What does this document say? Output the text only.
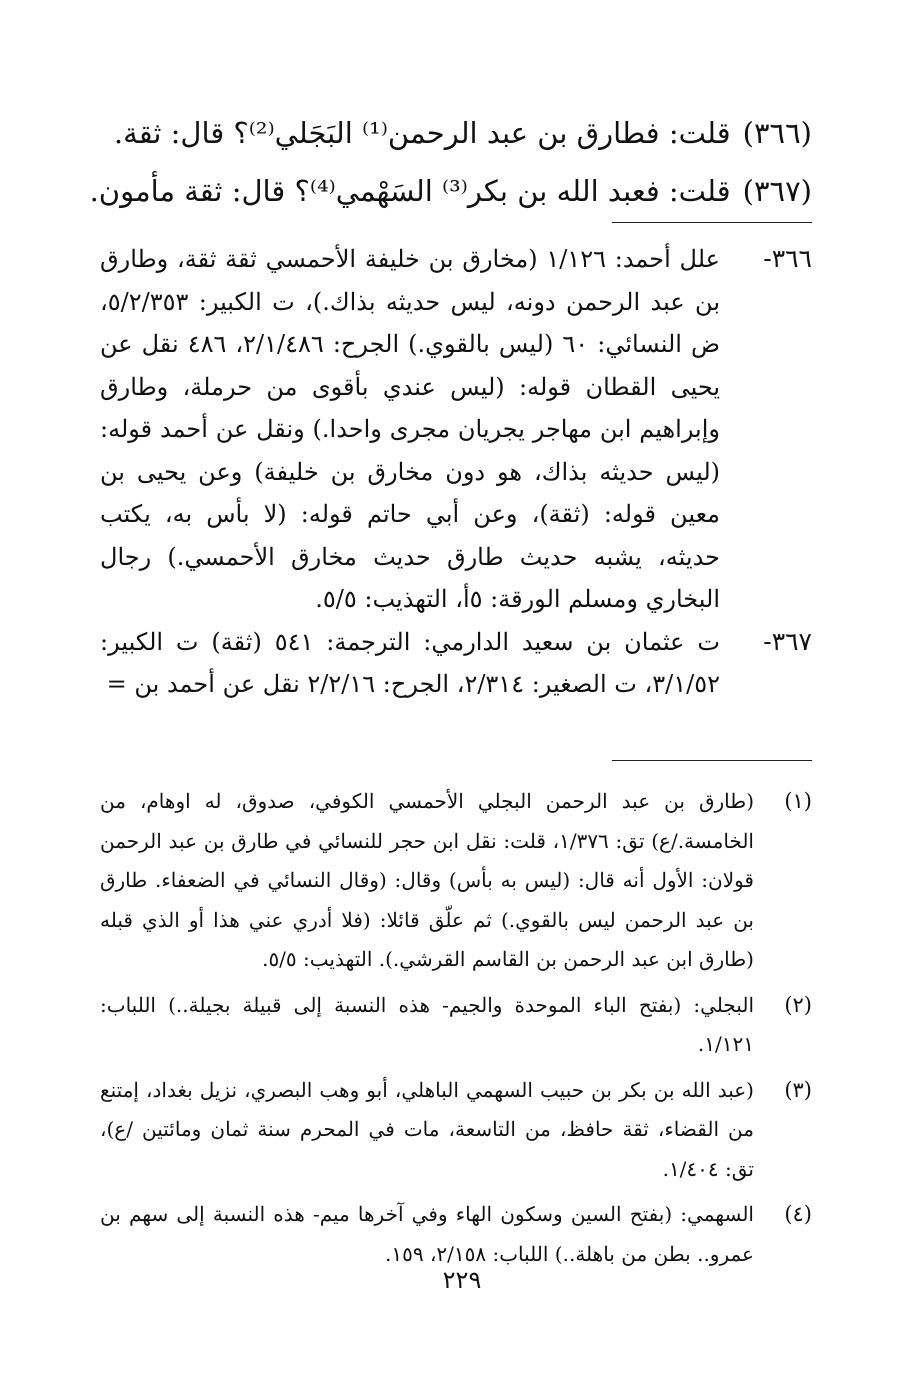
(٣٦٦)قلت: فطارق بن عبد الرحمن⁽¹⁾ البَجَلي⁽²⁾؟ قال: ثقة.
(٣٦٧)قلت: فعبد الله بن بكر⁽³⁾ السَهْمي⁽⁴⁾؟ قال: ثقة مأمون.
٣٦٦-
علل أحمد: ١/١٢٦ (مخارق بن خليفة الأحمسي ثقة ثقة، وطارق بن عبد الرحمن دونه، ليس حديثه بذاك.)، ت الكبير: ٥/٢/٣٥٣، ض النسائي: ٦٠ (ليس بالقوي.) الجرح: ٢/١/٤٨٦، ٤٨٦ نقل عن يحيى القطان قوله: (ليس عندي بأقوى من حرملة، وطارق وإبراهيم ابن مهاجر يجريان مجرى واحدا.) ونقل عن أحمد قوله: (ليس حديثه بذاك، هو دون مخارق بن خليفة) وعن يحيى بن معين قوله: (ثقة)، وعن أبي حاتم قوله: (لا بأس به، يكتب حديثه، يشبه حديث طارق حديث مخارق الأحمسي.) رجال البخاري ومسلم الورقة: ٥أ، التهذيب: ٥/٥.
٣٦٧-
ت عثمان بن سعيد الدارمي: الترجمة: ٥٤١ (ثقة) ت الكبير: ٣/١/٥٢، ت الصغير: ٢/٣١٤، الجرح: ٢/٢/١٦ نقل عن أحمد بن =
(١)
(طارق بن عبد الرحمن البجلي الأحمسي الكوفي، صدوق، له اوهام، من الخامسة./ع) تق: ١/٣٧٦، قلت: نقل ابن حجر للنسائي في طارق بن عبد الرحمن قولان: الأول أنه قال: (ليس به بأس) وقال: (وقال النسائي في الضعفاء. طارق بن عبد الرحمن ليس بالقوي.) ثم علّق قائلا: (فلا أدري عني هذا أو الذي قبله (طارق ابن عبد الرحمن بن القاسم القرشي.). التهذيب: ٥/٥.
(٢)
البجلي: (بفتح الباء الموحدة والجيم- هذه النسبة إلى قبيلة بجيلة..) اللباب: ١/١٢١.
(٣)
(عبد الله بن بكر بن حبيب السهمي الباهلي، أبو وهب البصري، نزيل بغداد، إمتنع من القضاء، ثقة حافظ، من التاسعة، مات في المحرم سنة ثمان ومائتين /ع)، تق: ١/٤٠٤.
(٤)
السهمي: (بفتح السين وسكون الهاء وفي آخرها ميم- هذه النسبة إلى سهم بن عمرو.. بطن من باهلة..) اللباب: ٢/١٥٨، ١٥٩.
٢٢٩
